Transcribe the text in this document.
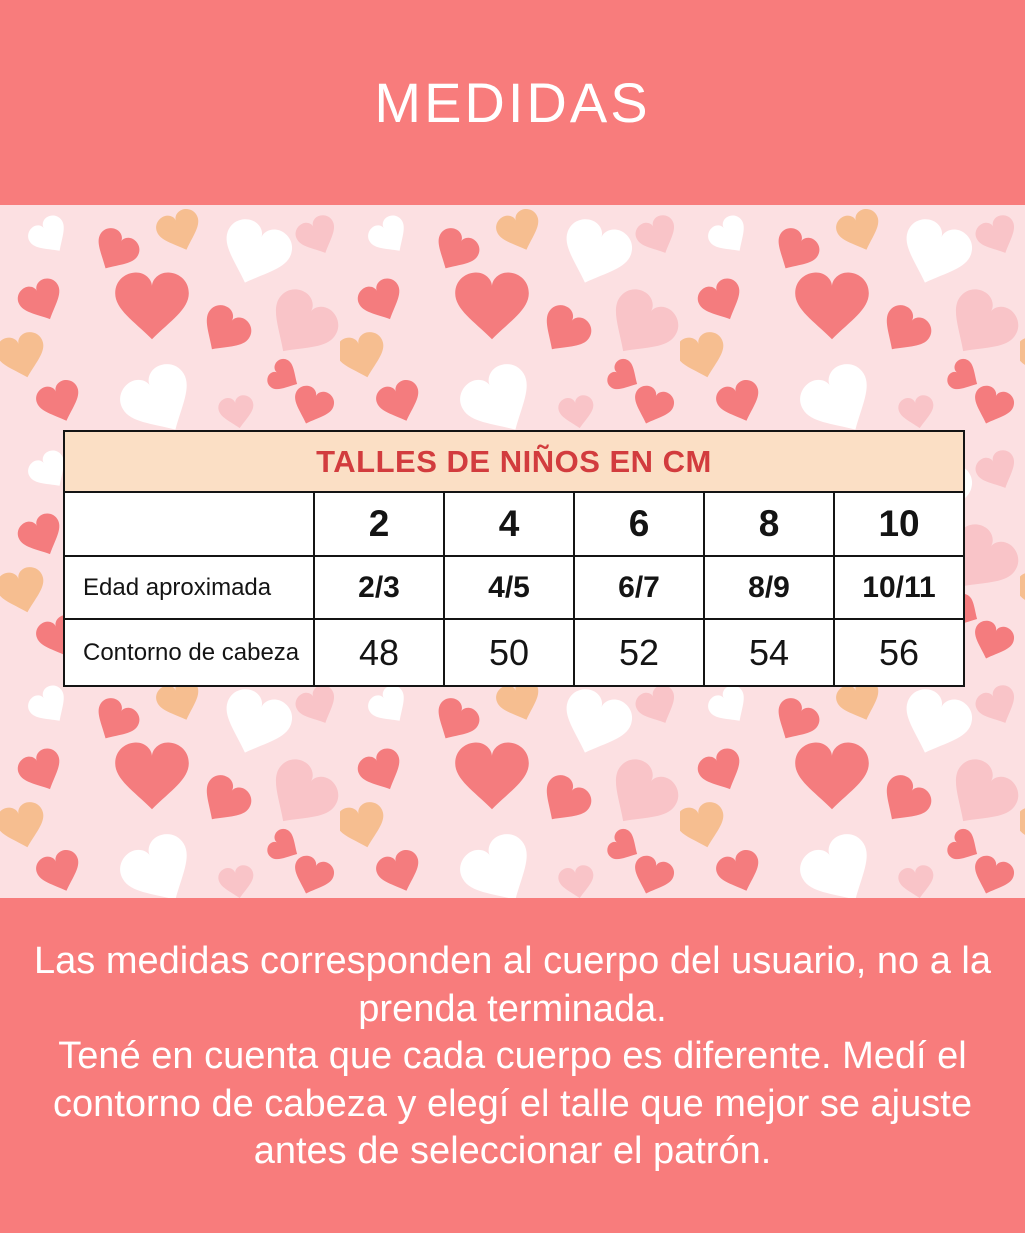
MEDIDAS
TALLES DE NIÑOS EN CM					
	2	4	6	8	10
Edad aproximada	2/3	4/5	6/7	8/9	10/11
Contorno de cabeza	48	50	52	54	56

Las medidas corresponden al cuerpo del usuario, no a la prenda terminada.

Tené en cuenta que cada cuerpo es diferente. Medí el contorno de cabeza y elegí el talle que mejor se ajuste antes de seleccionar el patrón.
